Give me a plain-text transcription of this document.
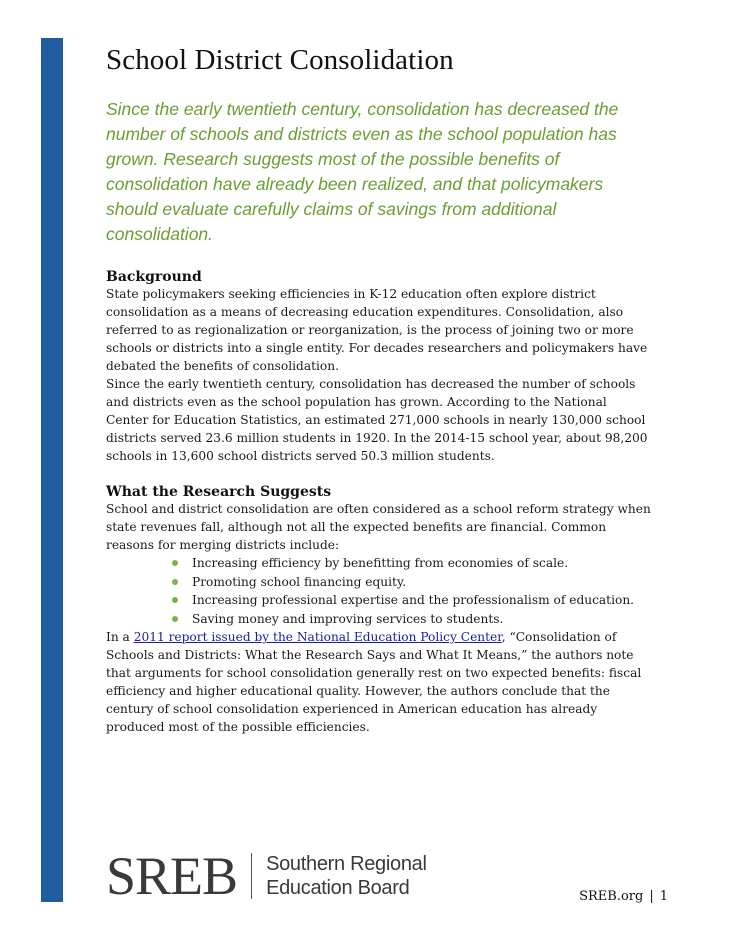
School District Consolidation

Since the early twentieth century, consolidation has decreased the number of schools and districts even as the school population has grown. Research suggests most of the possible benefits of consolidation have already been realized, and that policymakers should evaluate carefully claims of savings from additional consolidation.

Background

State policymakers seeking efficiencies in K-12 education often explore district consolidation as a means of decreasing education expenditures. Consolidation, also referred to as regionalization or reorganization, is the process of joining two or more schools or districts into a single entity. For decades researchers and policymakers have debated the benefits of consolidation.

Since the early twentieth century, consolidation has decreased the number of schools and districts even as the school population has grown. According to the National Center for Education Statistics, an estimated 271,000 schools in nearly 130,000 school districts served 23.6 million students in 1920. In the 2014-15 school year, about 98,200 schools in 13,600 school districts served 50.3 million students.

What the Research Suggests

School and district consolidation are often considered as a school reform strategy when state revenues fall, although not all the expected benefits are financial. Common reasons for merging districts include:

Increasing efficiency by benefitting from economies of scale.
Promoting school financing equity.
Increasing professional expertise and the professionalism of education.
Saving money and improving services to students.

In a 2011 report issued by the National Education Policy Center, “Consolidation of Schools and Districts: What the Research Says and What It Means,” the authors note that arguments for school consolidation generally rest on two expected benefits: fiscal efficiency and higher educational quality. However, the authors conclude that the century of school consolidation experienced in American education has already produced most of the possible efficiencies.

SREB Southern Regional
Education Board	SREB.org | 1
